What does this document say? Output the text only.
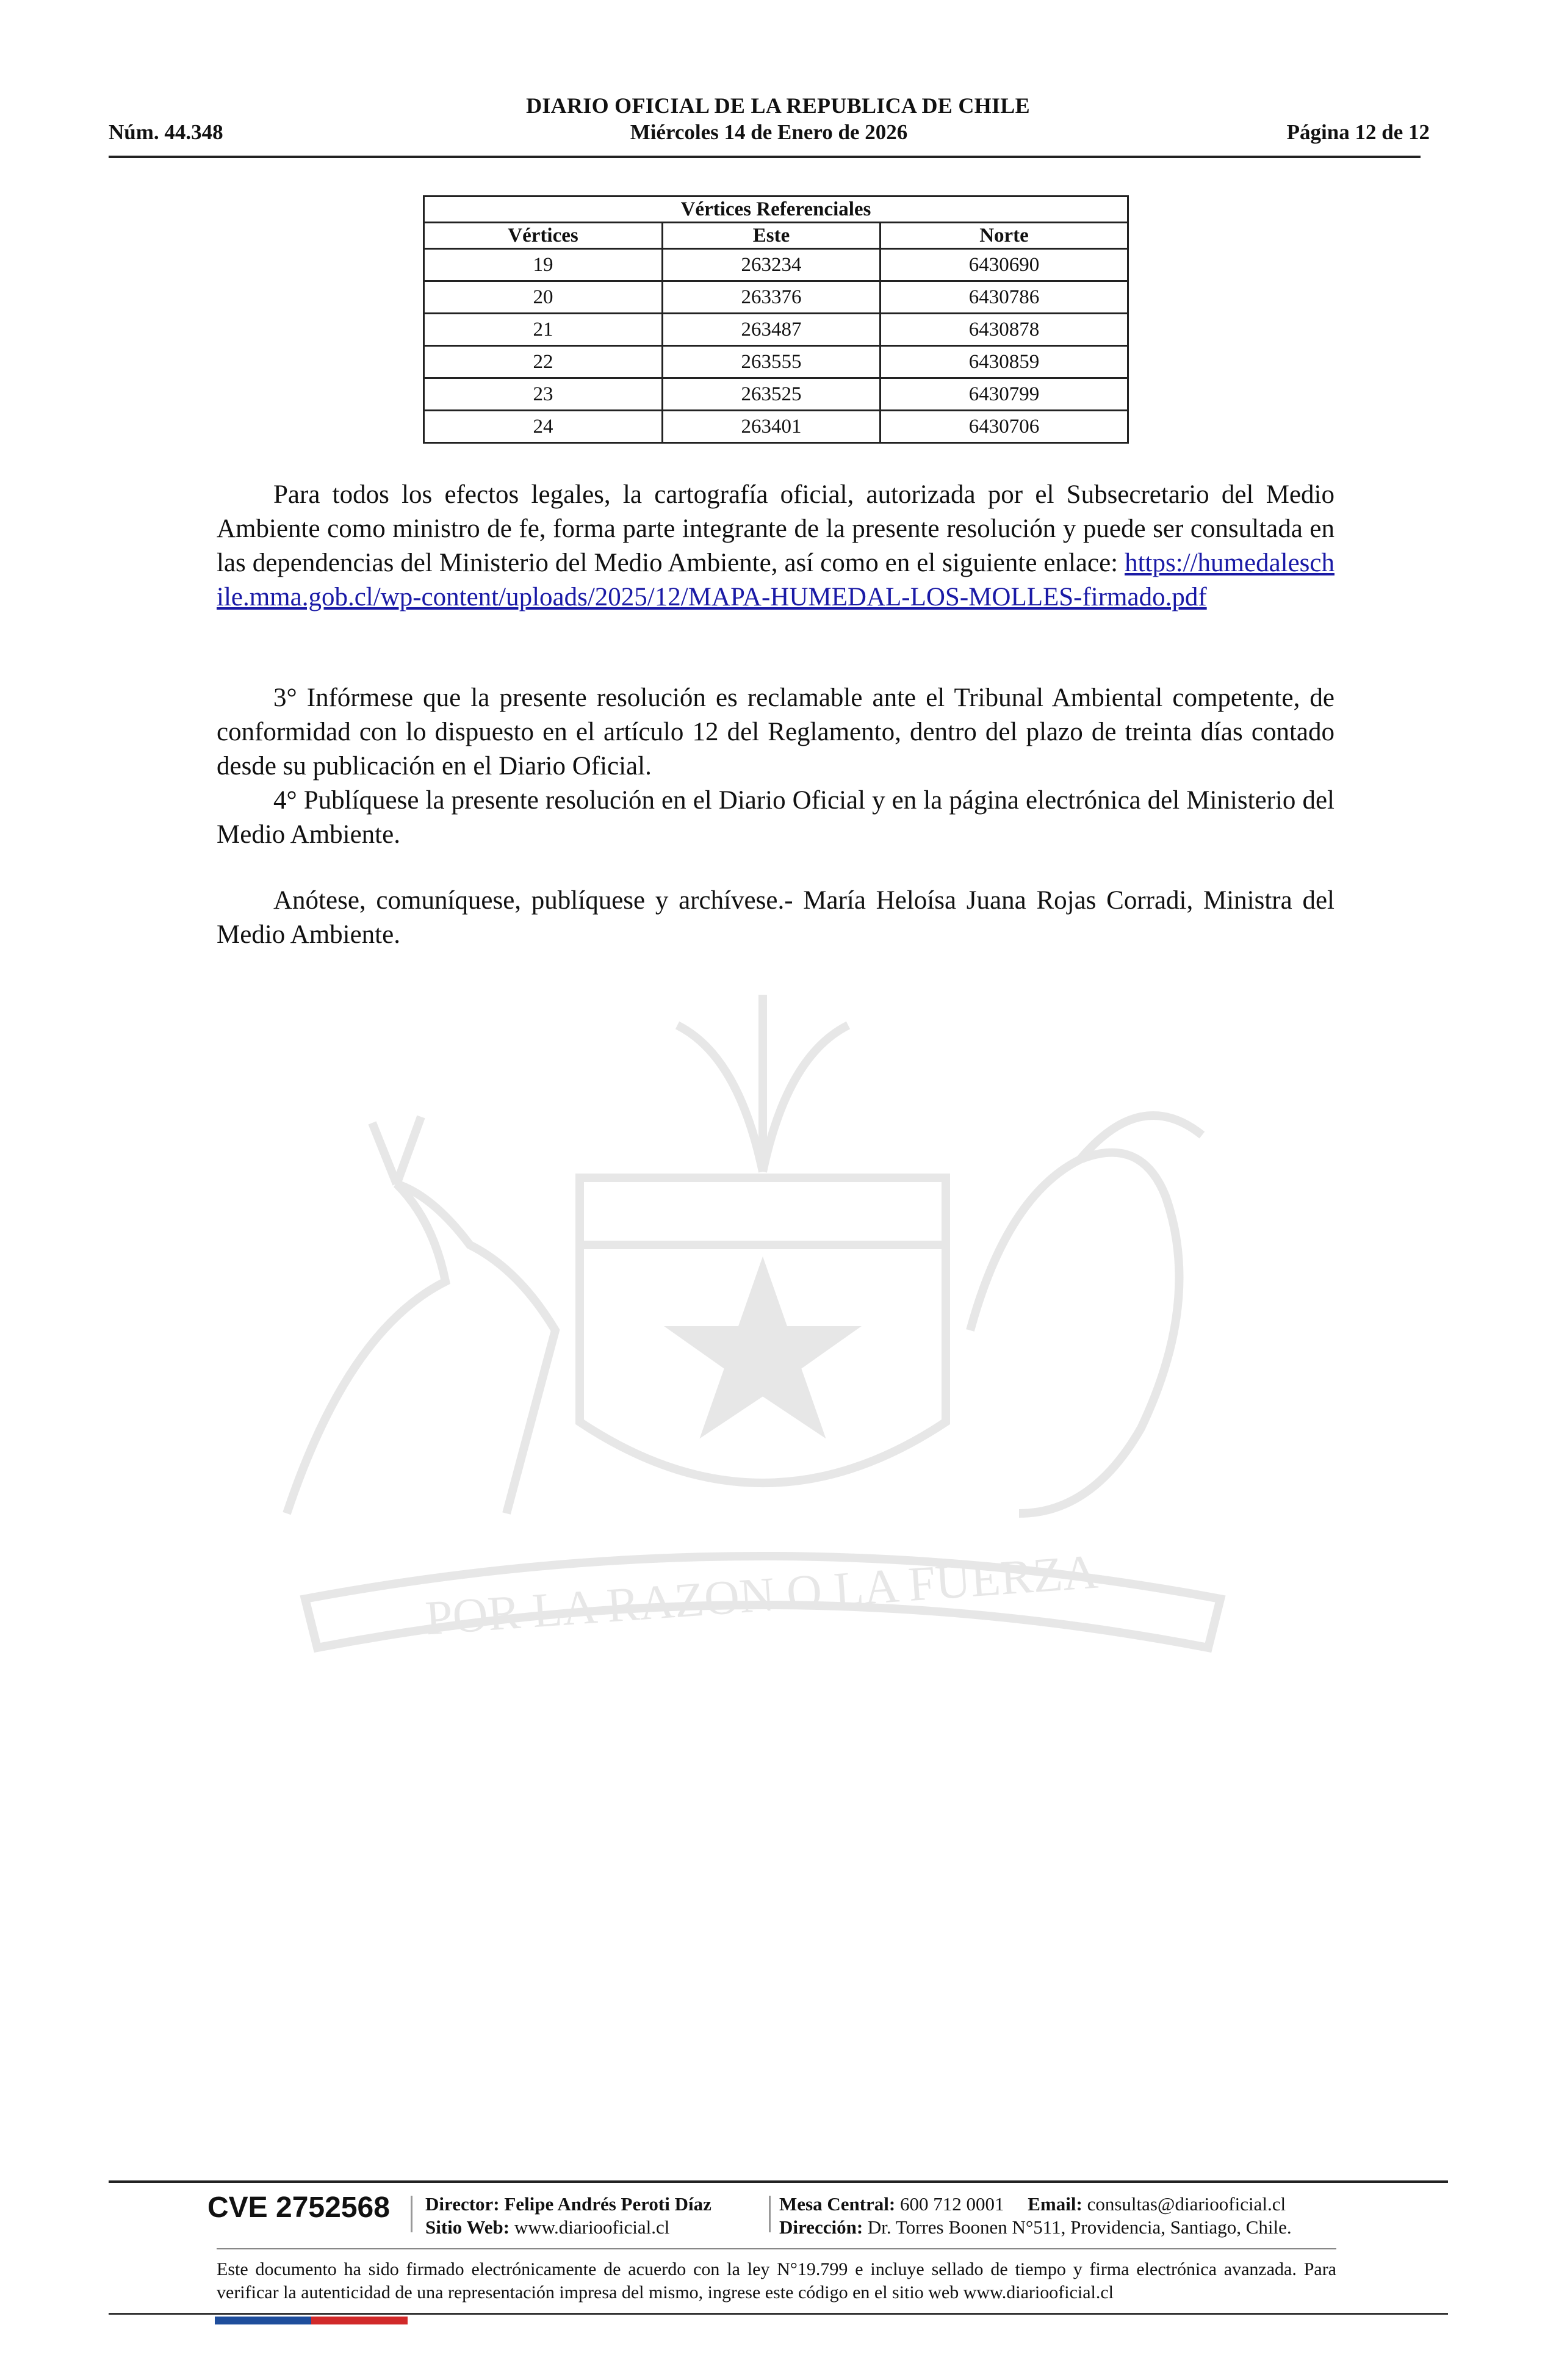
POR LA RAZON O LA FUERZA
DIARIO OFICIAL DE LA REPUBLICA DE CHILE
Núm. 44.348	Miércoles 14 de Enero de 2026	Página 12 de 12
Vértices Referenciales		
Vértices	Este	Norte
19	263234	6430690
20	263376	6430786
21	263487	6430878
22	263555	6430859
23	263525	6430799
24	263401	6430706
Para todos los efectos legales, la cartografía oficial, autorizada por el Subsecretario del Medio Ambiente como ministro de fe, forma parte integrante de la presente resolución y puede ser consultada en las dependencias del Ministerio del Medio Ambiente, así como en el siguiente enlace: https://humedaleschile.mma.gob.cl/wp-content/uploads/2025/12/MAPA-HUMEDAL-LOS-MOLLES-firmado.pdf
3° Infórmese que la presente resolución es reclamable ante el Tribunal Ambiental competente, de conformidad con lo dispuesto en el artículo 12 del Reglamento, dentro del plazo de treinta días contado desde su publicación en el Diario Oficial.
4° Publíquese la presente resolución en el Diario Oficial y en la página electrónica del Ministerio del Medio Ambiente.
Anótese, comuníquese, publíquese y archívese.- María Heloísa Juana Rojas Corradi, Ministra del Medio Ambiente.
CVE 2752568 Director: Felipe Andrés Peroti Díaz
Sitio Web: www.diariooficial.cl
Mesa Central: 600 712 0001 Email: consultas@diariooficial.cl
Dirección: Dr. Torres Boonen N°511, Providencia, Santiago, Chile.
Este documento ha sido firmado electrónicamente de acuerdo con la ley N°19.799 e incluye sellado de tiempo y firma electrónica avanzada. Para verificar la autenticidad de una representación impresa del mismo, ingrese este código en el sitio web www.diariooficial.cl
